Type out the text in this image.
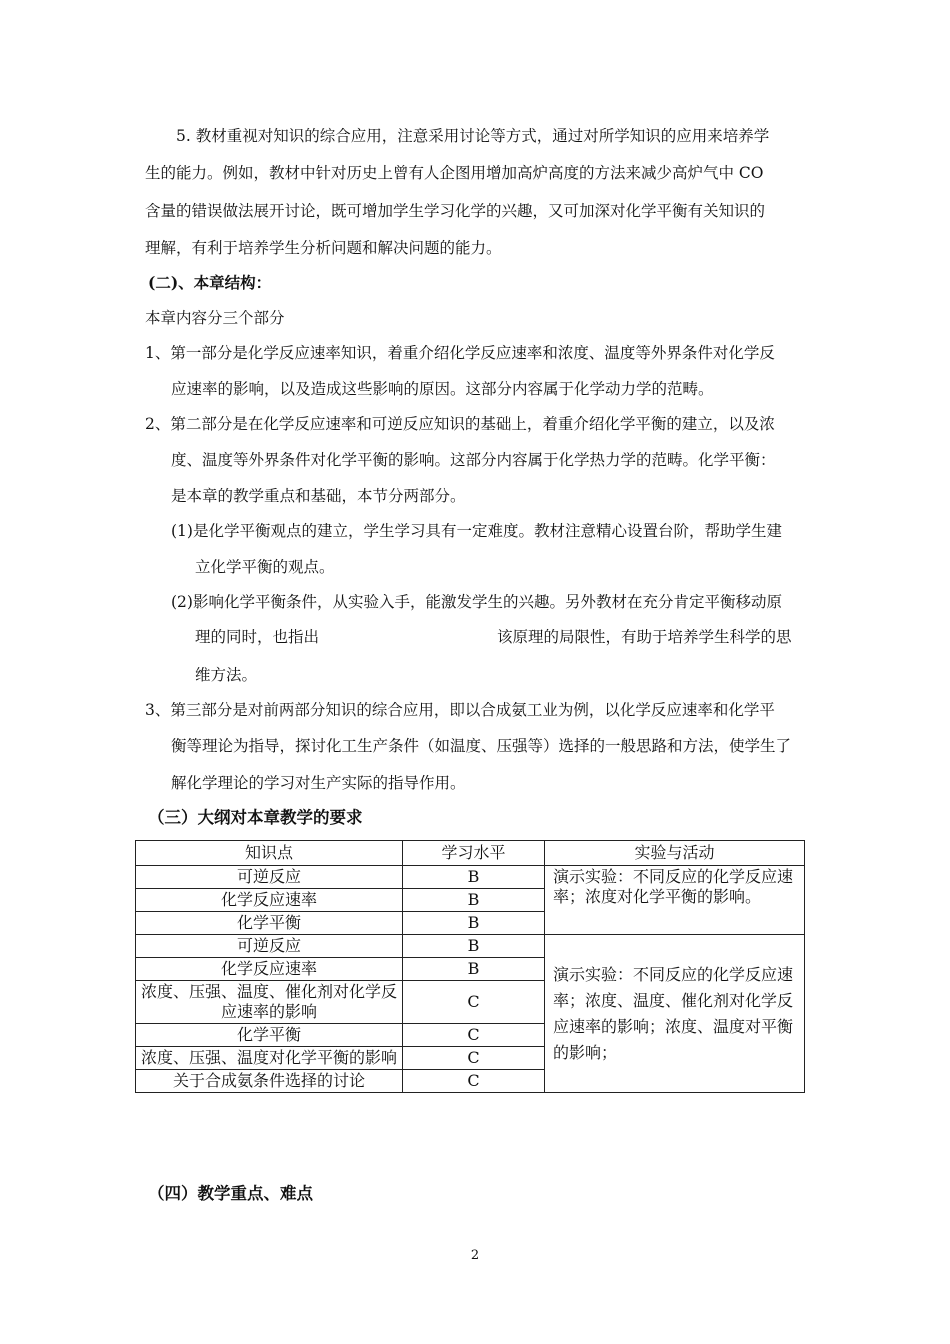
5. 教材重视对知识的综合应用，注意采用讨论等方式，通过对所学知识的应用来培养学
生的能力。例如，教材中针对历史上曾有人企图用增加高炉高度的方法来减少高炉气中 CO
含量的错误做法展开讨论，既可增加学生学习化学的兴趣，又可加深对化学平衡有关知识的
理解，有利于培养学生分析问题和解决问题的能力。
(二)、本章结构：
本章内容分三个部分
1、第一部分是化学反应速率知识，着重介绍化学反应速率和浓度、温度等外界条件对化学反
应速率的影响，以及造成这些影响的原因。这部分内容属于化学动力学的范畴。
2、第二部分是在化学反应速率和可逆反应知识的基础上，着重介绍化学平衡的建立，以及浓
度、温度等外界条件对化学平衡的影响。这部分内容属于化学热力学的范畴。化学平衡：
是本章的教学重点和基础，本节分两部分。
(1)是化学平衡观点的建立，学生学习具有一定难度。教材注意精心设置台阶，帮助学生建
立化学平衡的观点。
(2)影响化学平衡条件，从实验入手，能激发学生的兴趣。另外教材在充分肯定平衡移动原
理的同时，也指出	该原理的局限性，有助于培养学生科学的思
维方法。
3、第三部分是对前两部分知识的综合应用，即以合成氨工业为例，以化学反应速率和化学平
衡等理论为指导，探讨化工生产条件（如温度、压强等）选择的一般思路和方法，使学生了
解化学理论的学习对生产实际的指导作用。
（三）大纲对本章教学的要求
知识点	学习水平	实验与活动
可逆反应	B	演示实验：不同反应的化学反应速率；浓度对化学平衡的影响。
化学反应速率	B	
化学平衡	B	
可逆反应	B	演示实验：不同反应的化学反应速率；浓度、温度、催化剂对化学反应速率的影响；浓度、温度对平衡的影响；

化学反应速率	B	
浓度、压强、温度、催化剂对化学反应速率的影响	C	
化学平衡	C	
浓度、压强、温度对化学平衡的影响	C	
关于合成氨条件选择的讨论	C	
（四）教学重点、难点
2
